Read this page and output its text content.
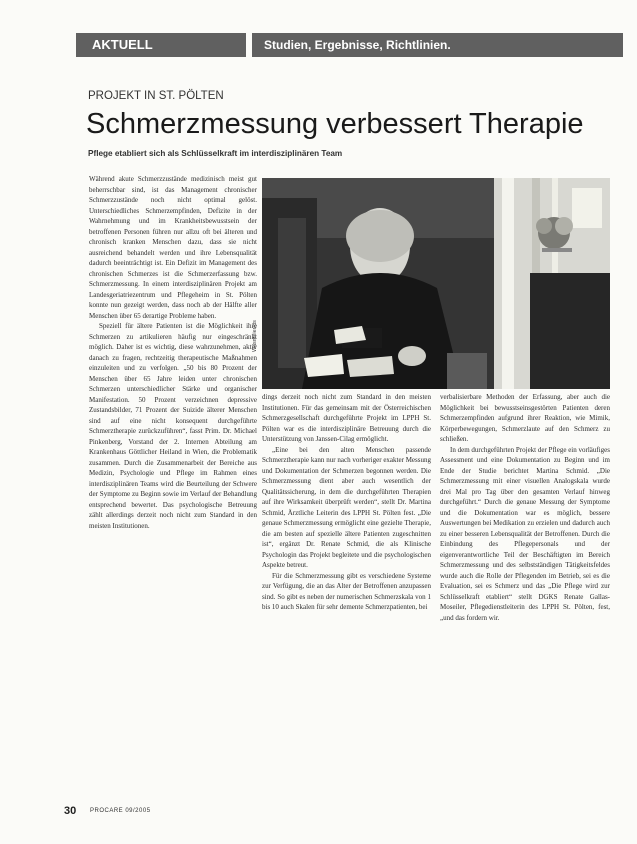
AKTUELL	Studien, Ergebnisse, Richtlinien.
PROJEKT IN ST. PÖLTEN
Schmerzmessung verbessert Therapie
Pflege etabliert sich als Schlüsselkraft im interdisziplinären Team

Während akute Schmerzzustände medizinisch meist gut beherrschbar sind, ist das Management chronischer Schmerzzustände noch nicht optimal gelöst. Unterschiedliches Schmerzempfinden, Defizite in der Wahrnehmung und im Krankheitsbewusstsein der betroffenen Personen führen nur allzu oft bei älteren und chronisch kranken Menschen dazu, dass sie nicht ausreichend behandelt werden und ihre Lebensqualität dadurch beeinträchtigt ist. Ein Defizit im Management des chronischen Schmerzes ist die Schmerzerfassung bzw. Schmerzmessung. In einem interdisziplinären Projekt am Landesgeriatriezentrum und Pflegeheim in St. Pölten konnte nun gezeigt werden, dass noch ab der Hälfte aller Menschen über 65 derartige Probleme haben.

Speziell für ältere Patienten ist die Möglichkeit ihre Schmerzen zu artikulieren häufig nur eingeschränkt möglich. Daher ist es wichtig, diese wahrzunehmen, aktiv danach zu fragen, rechtzeitig therapeutische Maßnahmen einzuleiten und zu verfolgen. „50 bis 80 Prozent der Menschen über 65 Jahre leiden unter chronischen Schmerzen unterschiedlicher Stärke und organischer Manifestation. 50 Prozent verzeichnen depressive Zustandsbilder, 71 Prozent der Suizide älterer Menschen sind auf eine nicht konsequent durchgeführte Schmerztherapie zurückzuführen“, fasst Prim. Dr. Michael Pinkenberg, Vorstand der 2. Internen Abteilung am Krankenhaus Göttlicher Heiland in Wien, die Problematik zusammen. Durch die Zusammenarbeit der Bereiche aus Medizin, Psychologie und Pflege im Rahmen eines interdisziplinären Teams wird die Beurteilung der Schwere der Symptome zu Beginn sowie im Verlauf der Behandlung entsprechend bewertet. Das psychologische Betreuung zählt allerdings derzeit noch nicht zum Standard in den meisten Institutionen.

Wasmeier/ds

dings derzeit noch nicht zum Standard in den meisten Institutionen. Für das gemeinsam mit der Österreichischen Schmerzgesellschaft durchgeführte Projekt im LPPH St. Pölten war es die interdisziplinäre Betreuung durch die Unterstützung von Janssen-Cilag ermöglicht.

„Eine bei den alten Menschen passende Schmerztherapie kann nur nach vorheriger exakter Messung und Dokumentation der Schmerzen begonnen werden. Die Schmerzmessung dient aber auch wesentlich der Qualitätssicherung, in dem die durchgeführten Therapien auf ihre Wirksamkeit überprüft werden“, stellt Dr. Martina Schmid, Ärztliche Leiterin des LPPH St. Pölten fest. „Die genaue Schmerzmessung ermöglicht eine gezielte Therapie, die am besten auf spezielle ältere Patienten zugeschnitten ist“, ergänzt Dr. Renate Schmid, die als Klinische Psychologin das Projekt begleitete und die psychologischen Aspekte betreut.

Für die Schmerzmessung gibt es verschiedene Systeme zur Verfügung, die an das Alter der Betroffenen anzupassen sind. So gibt es neben der numerischen Schmerzskala von 1 bis 10 auch Skalen für sehr demente Schmerzpatienten, bei

verbalisierbare Methoden der Erfassung, aber auch die Möglichkeit bei bewusstseinsgestörten Patienten deren Schmerzempfinden aufgrund ihrer Reaktion, wie Mimik, Körperbewegungen, Schmerzlaute auf den Schmerz zu schließen.

In dem durchgeführten Projekt der Pflege ein vorläufiges Assessment und eine Dokumentation zu Beginn und im Ende der Studie berichtet Martina Schmid. „Die Schmerzmessung mit einer visuellen Analogskala wurde drei Mal pro Tag über den gesamten Verlauf hinweg durchgeführt.“ Durch die genaue Messung der Symptome und die Dokumentation war es möglich, bessere Auswertungen bei Medikation zu erzielen und dadurch auch zu einer besseren Lebensqualität der Betroffenen. Durch die Einbindung des Pflegepersonals und der eigenverantwortliche Teil der Beschäftigten im Bereich Schmerzmessung und des selbstständigen Tätigkeitsfeldes wurde auch die Rolle der Pflegenden im Betrieb, sei es die Evaluation, sei es Schmerz und das „Die Pflege wird zur Schlüsselkraft etabliert“ stellt DGKS Renate Gallas-Moseiler, Pflegedienstleiterin des LPPH St. Pölten, fest, „und das fordern wir.

30 PROCARE 09/2005
